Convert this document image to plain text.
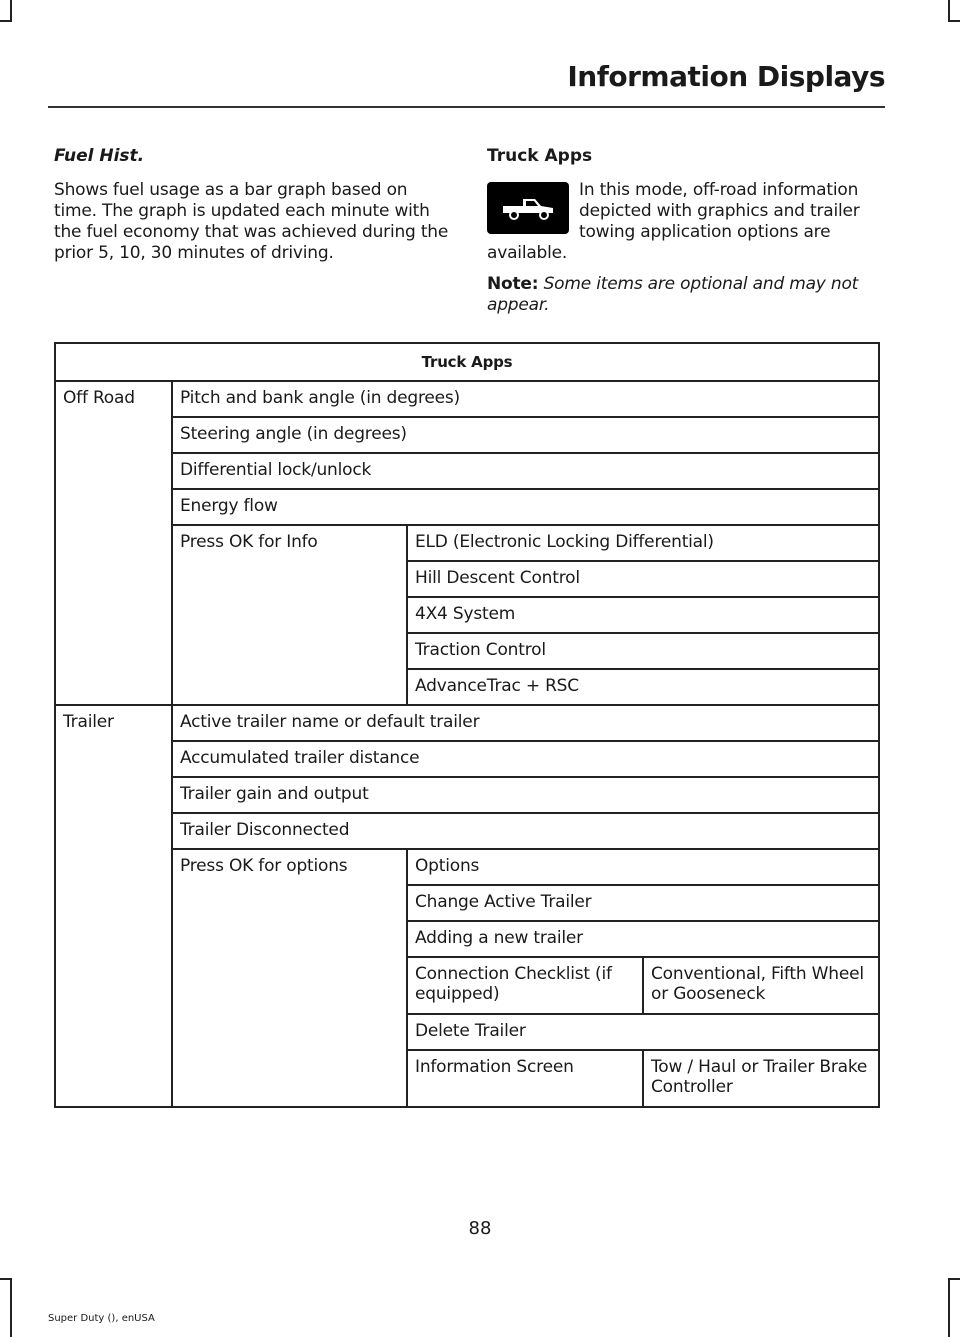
Information Displays

Fuel Hist.

Shows fuel usage as a bar graph based on time. The graph is updated each minute with the fuel economy that was achieved during the prior 5, 10, 30 minutes of driving.

Truck Apps

In this mode, off-road information depicted with graphics and trailer towing application options are available.

Note: Some items are optional and may not appear.

Truck Apps			
Off Road	Pitch and bank angle (in degrees)		
	Steering angle (in degrees)		
	Differential lock/unlock		
	Energy flow		
	Press OK for Info	ELD (Electronic Locking Differential)	
		Hill Descent Control	
		4X4 System	
		Traction Control	
		AdvanceTrac + RSC	
Trailer	Active trailer name or default trailer		
	Accumulated trailer distance		
	Trailer gain and output		
	Trailer Disconnected		
	Press OK for options	Options	
		Change Active Trailer	
		Adding a new trailer	
		Connection Checklist (if equipped)	Conventional, Fifth Wheel or Gooseneck
		Delete Trailer	
		Information Screen	Tow / Haul or Trailer Brake Controller
88
Super Duty (), enUSA
